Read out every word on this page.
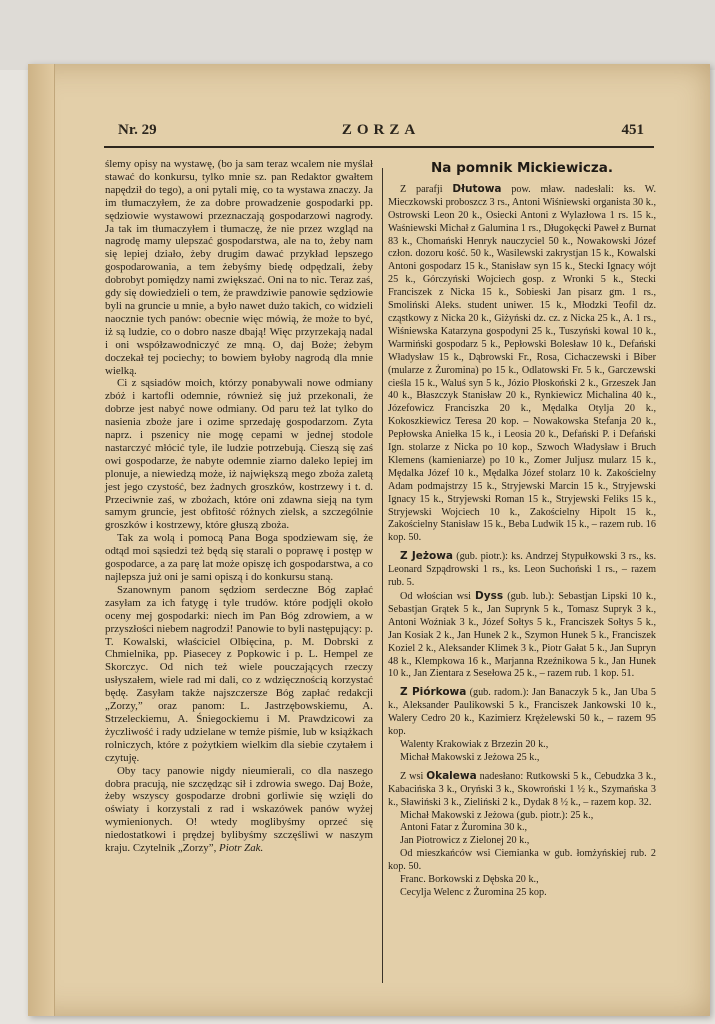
Nr. 29	ZORZA	451

ślemy opisy na wystawę, (bo ja sam teraz wcalem nie myślał stawać do konkursu, tylko mnie sz. pan Redaktor gwałtem napędził do tego), a oni pytali mię, co ta wystawa znaczy. Ja im tłumaczyłem, że za dobre prowadzenie gospodarki pp. sędziowie wystawowi przeznaczają gospodarzowi nagrody. Ja tak im tłumaczyłem i tłumaczę, że nie przez wzgląd na nagrodę mamy ulepszać gospodarstwa, ale na to, żeby nam się lepiej działo, żeby drugim dawać przykład lepszego gospodarowania, a tem żebyśmy biedę odpędzali, żeby dobrobyt pomiędzy nami zwiększać. Oni na to nic. Teraz zaś, gdy się dowiedzieli o tem, że prawdziwie panowie sędziowie byli na gruncie u mnie, a było nawet dużo takich, co widzieli naocznie tych panów: obecnie więc mówią, że może to być, iż są ludzie, co o dobro nasze dbają! Więc przyrzekają nadal i oni współzawodniczyć ze mną. O, daj Boże; żebym doczekał tej pociechy; to bowiem byłoby nagrodą dla mnie wielką.

Ci z sąsiadów moich, którzy ponabywali nowe odmiany zbóż i kartofli odemnie, również się już przekonali, że dobrze jest nabyć nowe odmiany. Od paru też lat tylko do nasienia zboże jare i ozime sprzedaję gospodarzom. Zyta naprz. i pszenicy nie mogę cepami w jednej stodole nastarczyć młócić tyle, ile ludzie potrzebują. Cieszą się zaś owi gospodarze, że nabyte odemnie ziarno daleko lepiej im plonuje, a niewiedzą może, iż największą mego zboża zaletą jest jego czystość, bez żadnych groszków, kostrzewy i t. d. Przeciwnie zaś, w zbożach, które oni zdawna sieją na tym samym gruncie, jest obfitość różnych zielsk, a szczególnie groszków i kostrzewy, które głuszą zboża.

Tak za wolą i pomocą Pana Boga spodziewam się, że odtąd moi sąsiedzi też będą się starali o poprawę i postęp w gospodarce, a za parę lat może opiszę ich gospodarstwa, a co najlepsza już oni je sami opiszą i do konkursu staną.

Szanownym panom sędziom serdeczne Bóg zapłać zasyłam za ich fatygę i tyle trudów. które podjęli około oceny mej gospodarki: niech im Pan Bóg zdrowiem, a w przyszłości niebem nagrodzi! Panowie to byli następujący: p. T. Kowalski, właściciel Olbięcina, p. M. Dobrski z Chmielnika, pp. Piasecey z Popkowic i p. L. Hempel ze Skorczyc. Od nich też wiele pouczających rzeczy usłyszałem, wiele rad mi dali, co z wdzięcznością korzystać będę. Zasyłam także najszczersze Bóg zapłać redakcji „Zorzy,” oraz panom: L. Jastrzębowskiemu, A. Strzeleckiemu, A. Śniegockiemu i M. Prawdzicowi za życzliwość i rady udzielane w temże piśmie, lub w książkach rolniczych, które z pożytkiem wielkim dla siebie czytałem i czytuję.

Oby tacy panowie nigdy nieumierali, co dla naszego dobra pracują, nie szczędząc sił i zdrowia swego. Daj Boże, żeby wszyscy gospodarze drobni gorliwie się wzięli do oświaty i korzystali z rad i wskazówek panów wyżej wymienionych. O! wtedy moglibyśmy oprzeć się niedostatkowi i prędzej bylibyśmy szczęśliwi w naszym kraju. Czytelnik „Zorzy”, Piotr Zak.

Na pomnik Mickiewicza.

Z parafji Dłutowa pow. mław. nadesłali: ks. W. Mieczkowski proboszcz 3 rs., Antoni Wiśniewski organista 30 k., Ostrowski Leon 20 k., Osiecki Antoni z Wylazłowa 1 rs. 15 k., Waśniewski Michał z Galumina 1 rs., Długokęcki Paweł z Burnat 83 k., Chomański Henryk nauczyciel 50 k., Nowakowski Józef człon. dozoru kość. 50 k., Wasilewski zakrystjan 15 k., Kowalski Antoni gospodarz 15 k., Stanisław syn 15 k., Stecki Ignacy wójt 25 k., Górczyński Wojciech gosp. z Wronki 5 k., Stecki Franciszek z Nicka 15 k., Sobieski Jan pisarz gm. 1 rs., Smoliński Aleks. student uniwer. 15 k., Młodzki Teofil dz. cząstkowy z Nicka 20 k., Giżyński dz. cz. z Nicka 25 k., A. 1 rs., Wiśniewska Katarzyna gospodyni 25 k., Tuszyński kowal 10 k., Warmiński gospodarz 5 k., Pepłowski Bolesław 10 k., Defański Władysław 15 k., Dąbrowski Fr., Rosa, Cichaczewski i Biber (mularze z Żuromina) po 15 k., Odlatowski Fr. 5 k., Garczewski cieśla 15 k., Waluś syn 5 k., Józio Płoskoński 2 k., Grzeszek Jan 40 k., Błaszczyk Stanisław 20 k., Rynkiewicz Michalina 40 k., Józefowicz Franciszka 20 k., Mędalka Otylja 20 k., Kokoszkiewicz Teresa 20 kop. – Nowakowska Stefanja 20 k., Pepłowska Aniełka 15 k., i Leosia 20 k., Defański P. i Defański Ign. stolarze z Nicka po 10 kop., Szwoch Władysław i Bruch Klemens (kamieniarze) po 10 k., Zomer Juljusz mularz 15 k., Mędalka Józef 10 k., Mędalka Józef stolarz 10 k. Zakościelny Adam podmajstrzy 15 k., Stryjewski Marcin 15 k., Stryjewski Ignacy 15 k., Stryjewski Roman 15 k., Stryjewski Feliks 15 k., Stryjewski Wojciech 10 k., Zakościelny Hipolt 15 k., Zakościelny Stanisław 15 k., Beba Ludwik 15 k., – razem rub. 16 kop. 50.

Z Jeżowa (gub. piotr.): ks. Andrzej Stypułkowski 3 rs., ks. Leonard Szpądrowski 1 rs., ks. Leon Suchoński 1 rs., – razem rub. 5.

Od włościan wsi Dyss (gub. lub.): Sebastjan Lipski 10 k., Sebastjan Grątek 5 k., Jan Suprynk 5 k., Tomasz Supryk 3 k., Antoni Woźniak 3 k., Józef Sołtys 5 k., Franciszek Sołtys 5 k., Jan Kosiak 2 k., Jan Hunek 2 k., Szymon Hunek 5 k., Franciszek Koziel 2 k., Aleksander Klimek 3 k., Piotr Gałat 5 k., Jan Supryn 48 k., Klempkowa 16 k., Marjanna Rzeźnikowa 5 k., Jan Hunek 10 k., Jan Zientara z Sesełowa 25 k., – razem rub. 1 kop. 51.

Z Piórkowa (gub. radom.): Jan Banaczyk 5 k., Jan Uba 5 k., Aleksander Paulikowski 5 k., Franciszek Jankowski 10 k., Walery Cedro 20 k., Kazimierz Krężelewski 50 k., – razem 95 kop.

Walenty Krakowiak z Brzezin 20 k.,

Michał Makowski z Jeżowa 25 k.,

Z wsi Okalewa nadesłano: Rutkowski 5 k., Cebudzka 3 k., Kabacińska 3 k., Oryński 3 k., Skowroński 1 ½ k., Szymańska 3 k., Sławiński 3 k., Zieliński 2 k., Dydak 8 ½ k., – razem kop. 32.

Michał Makowski z Jeżowa (gub. piotr.): 25 k.,

Antoni Fatar z Żuromina 30 k.,

Jan Piotrowicz z Zielonej 20 k.,

Od mieszkańców wsi Ciemianka w gub. łomżyńskiej rub. 2 kop. 50.

Franc. Borkowski z Dębska 20 k.,

Cecylja Welenc z Żuromina 25 kop.
